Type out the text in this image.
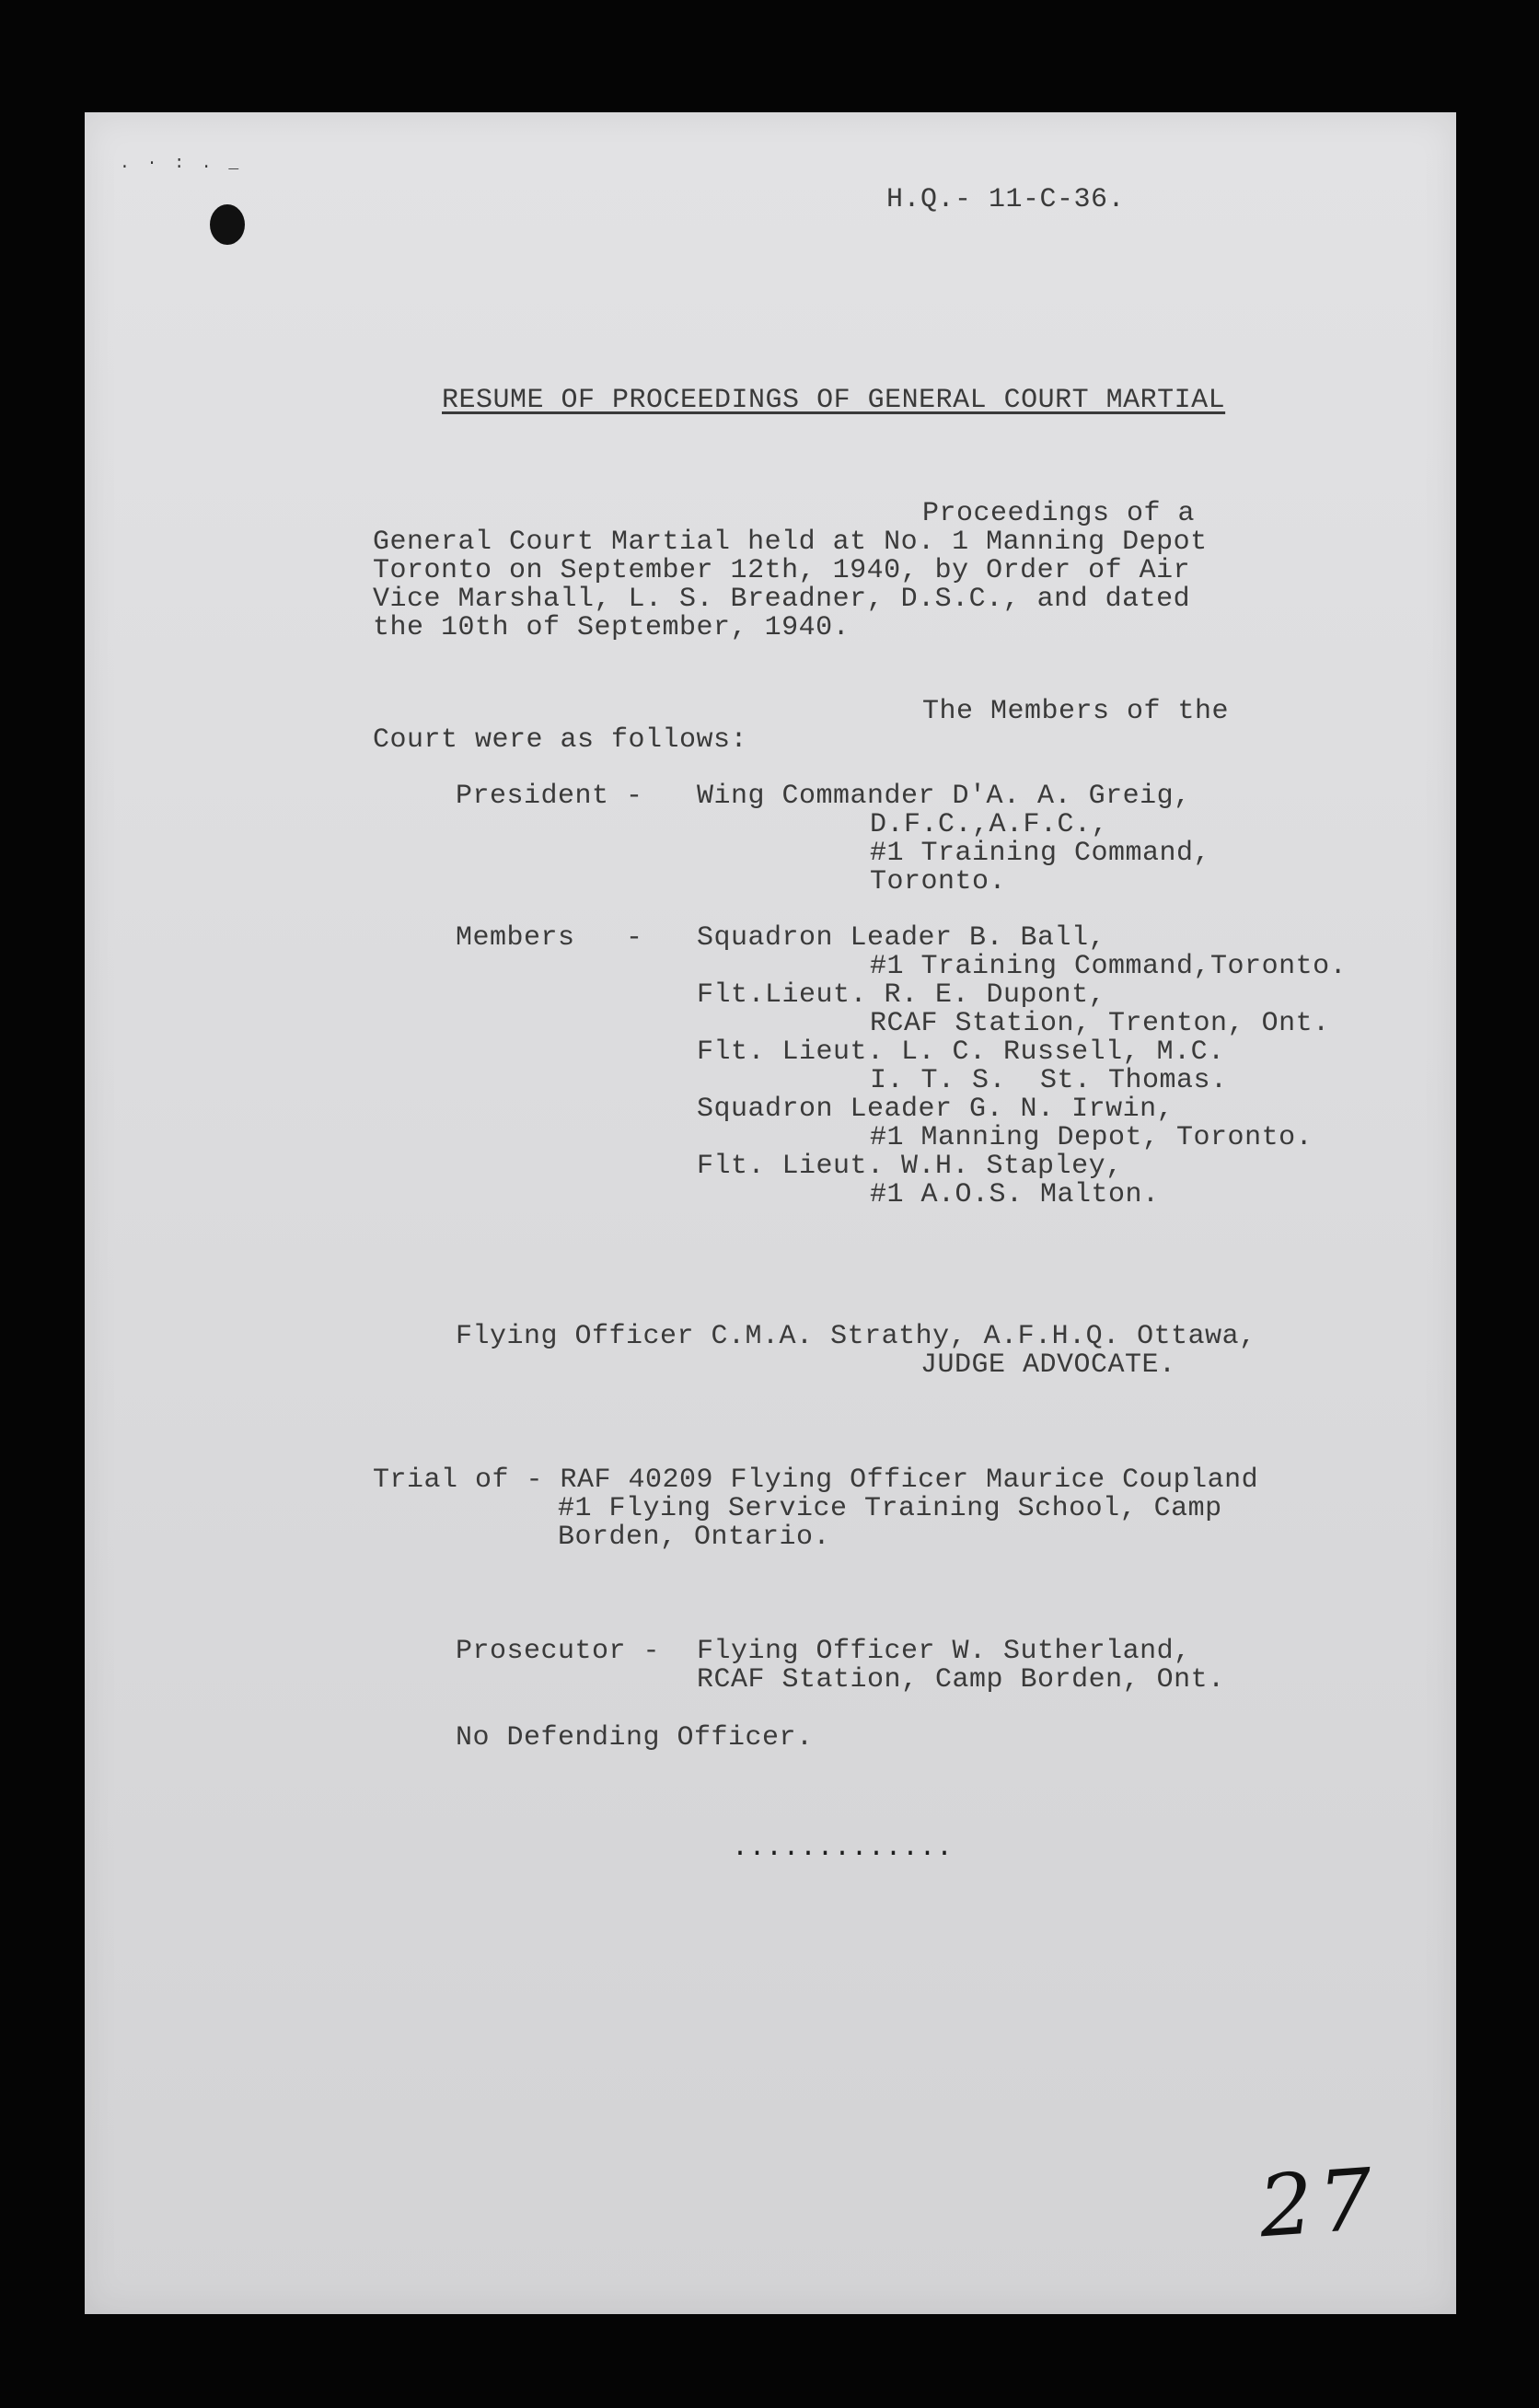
. · : . _
H.Q.- 11-C-36.
RESUME OF PROCEEDINGS OF GENERAL COURT MARTIAL
Proceedings of a
General Court Martial held at No. 1 Manning Depot
Toronto on September 12th, 1940, by Order of Air
Vice Marshall, L. S. Breadner, D.S.C., and dated
the 10th of September, 1940.
The Members of the
Court were as follows:
President - Wing Commander D'A. A. Greig,
D.F.C.,A.F.C.,
#1 Training Command,
Toronto.
Members   - Squadron Leader B. Ball,
#1 Training Command,Toronto.
Flt.Lieut. R. E. Dupont,
RCAF Station, Trenton, Ont.
Flt. Lieut. L. C. Russell, M.C.
I. T. S.  St. Thomas.
Squadron Leader G. N. Irwin,
#1 Manning Depot, Toronto.
Flt. Lieut. W.H. Stapley,
#1 A.O.S. Malton.
Flying Officer C.M.A. Strathy, A.F.H.Q. Ottawa,
JUDGE ADVOCATE.
Trial of - RAF 40209 Flying Officer Maurice Coupland
#1 Flying Service Training School, Camp
Borden, Ontario.
Prosecutor - Flying Officer W. Sutherland,
RCAF Station, Camp Borden, Ont.
No Defending Officer.
.............
27
